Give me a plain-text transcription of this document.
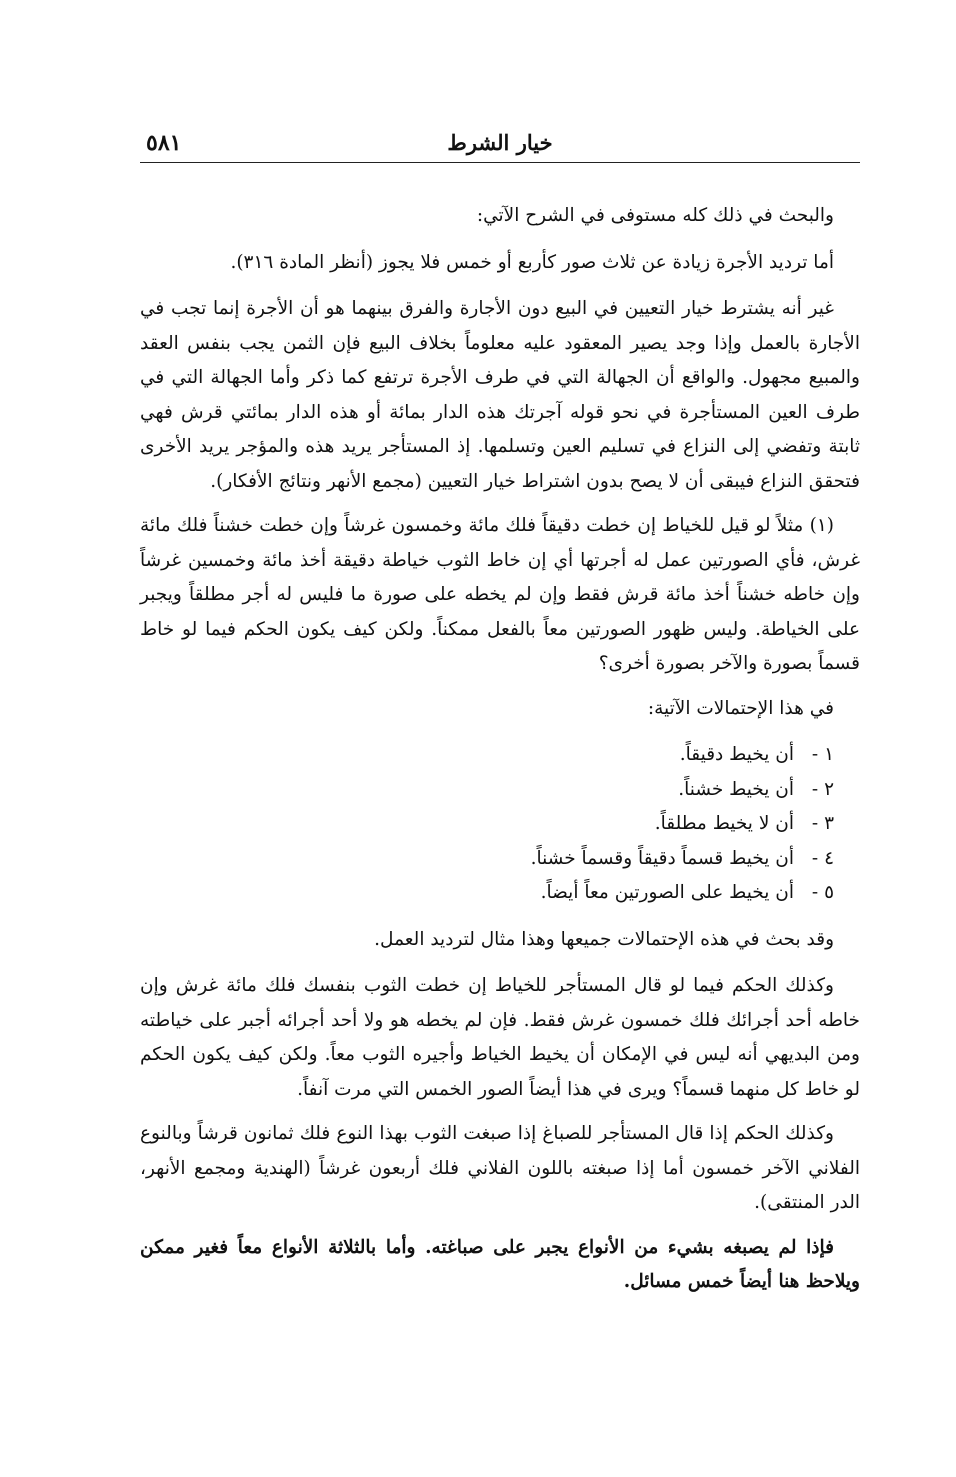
خيار الشرط
٥٨١

والبحث في ذلك كله مستوفى في الشرح الآتي:

أما ترديد الأجرة زيادة عن ثلاث صور كأربع أو خمس فلا يجوز (أنظر المادة ٣١٦).

غير أنه يشترط خيار التعيين في البيع دون الأجارة والفرق بينهما هو أن الأجرة إنما تجب في الأجارة بالعمل وإذا وجد يصير المعقود عليه معلوماً بخلاف البيع فإن الثمن يجب بنفس العقد والمبيع مجهول. والواقع أن الجهالة التي في طرف الأجرة ترتفع كما ذكر وأما الجهالة التي في طرف العين المستأجرة في نحو قوله آجرتك هذه الدار بمائة أو هذه الدار بمائتي قرش فهي ثابتة وتفضي إلى النزاع في تسليم العين وتسلمها. إذ المستأجر يريد هذه والمؤجر يريد الأخرى فتحقق النزاع فيبقى أن لا يصح بدون اشتراط خيار التعيين (مجمع الأنهر ونتائج الأفكار).

(١) مثلاً لو قيل للخياط إن خطت دقيقاً فلك مائة وخمسون غرشاً وإن خطت خشناً فلك مائة غرش، فأي الصورتين عمل له أجرتها أي إن خاط الثوب خياطة دقيقة أخذ مائة وخمسين غرشاً وإن خاطه خشناً أخذ مائة قرش فقط وإن لم يخطه على صورة ما فليس له أجر مطلقاً ويجبر على الخياطة. وليس ظهور الصورتين معاً بالفعل ممكناً. ولكن كيف يكون الحكم فيما لو خاط قسماً بصورة والآخر بصورة أخرى؟

في هذا الإحتمالات الآتية:

١ -أن يخيط دقيقاً.
٢ -أن يخيط خشناً.
٣ -أن لا يخيط مطلقاً.
٤ -أن يخيط قسماً دقيقاً وقسماً خشناً.
٥ -أن يخيط على الصورتين معاً أيضاً.

وقد بحث في هذه الإحتمالات جميعها وهذا مثال لترديد العمل.

وكذلك الحكم فيما لو قال المستأجر للخياط إن خطت الثوب بنفسك فلك مائة غرش وإن خاطه أحد أجرائك فلك خمسون غرش فقط. فإن لم يخطه هو ولا أحد أجرائه أجبر على خياطته ومن البديهي أنه ليس في الإمكان أن يخيط الخياط وأجيره الثوب معاً. ولكن كيف يكون الحكم لو خاط كل منهما قسماً؟ ويرى في هذا أيضاً الصور الخمس التي مرت آنفاً.

وكذلك الحكم إذا قال المستأجر للصباغ إذا صبغت الثوب بهذا النوع فلك ثمانون قرشاً وبالنوع الفلاني الآخر خمسون أما إذا صبغته باللون الفلاني فلك أربعون غرشاً (الهندية ومجمع الأنهر، الدر المنتقى).

فإذا لم يصبغه بشيء من الأنواع يجبر على صباغته. وأما بالثلاثة الأنواع معاً فغير ممكن ويلاحظ هنا أيضاً خمس مسائل.
